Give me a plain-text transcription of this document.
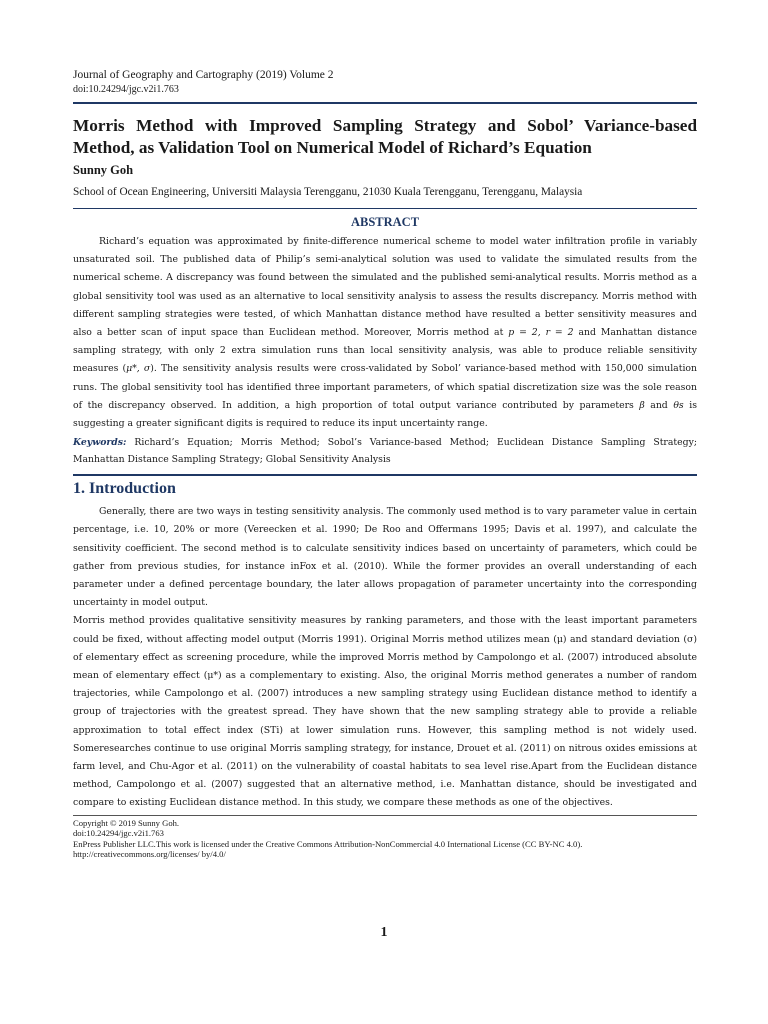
Journal of Geography and Cartography (2019) Volume 2
doi:10.24294/jgc.v2i1.763
Morris Method with Improved Sampling Strategy and Sobol’ Variance-based Method, as Validation Tool on Numerical Model of Richard’s Equation
Sunny Goh
School of Ocean Engineering, Universiti Malaysia Terengganu, 21030 Kuala Terengganu, Terengganu, Malaysia
ABSTRACT

Richard’s equation was approximated by finite-difference numerical scheme to model water infiltration profile in variably unsaturated soil. The published data of Philip’s semi-analytical solution was used to validate the simulated results from the numerical scheme. A discrepancy was found between the simulated and the published semi-analytical results. Morris method as a global sensitivity tool was used as an alternative to local sensitivity analysis to assess the results discrepancy. Morris method with different sampling strategies were tested, of which Manhattan distance method have resulted a better sensitivity measures and also a better scan of input space than Euclidean method. Moreover, Morris method at p = 2, r = 2 and Manhattan distance sampling strategy, with only 2 extra simulation runs than local sensitivity analysis, was able to produce reliable sensitivity measures (μ*, σ). The sensitivity analysis results were cross-validated by Sobol’ variance-based method with 150,000 simulation runs. The global sensitivity tool has identified three important parameters, of which spatial discretization size was the sole reason of the discrepancy observed. In addition, a high proportion of total output variance contributed by parameters β and θs is suggesting a greater significant digits is required to reduce its input uncertainty range.

Keywords: Richard’s Equation; Morris Method; Sobol’s Variance-based Method; Euclidean Distance Sampling Strategy; Manhattan Distance Sampling Strategy; Global Sensitivity Analysis
1. Introduction

Generally, there are two ways in testing sensitivity analysis. The commonly used method is to vary parameter value in certain percentage, i.e. 10, 20% or more (Vereecken et al. 1990; De Roo and Offermans 1995; Davis et al. 1997), and calculate the sensitivity coefficient. The second method is to calculate sensitivity indices based on uncertainty of parameters, which could be gather from previous studies, for instance inFox et al. (2010). While the former provides an overall understanding of each parameter under a defined percentage boundary, the later allows propagation of parameter uncertainty into the corresponding uncertainty in model output.

Morris method provides qualitative sensitivity measures by ranking parameters, and those with the least important parameters could be fixed, without affecting model output (Morris 1991). Original Morris method utilizes mean (μ) and standard deviation (σ) of elementary effect as screening procedure, while the improved Morris method by Campolongo et al. (2007) introduced absolute mean of elementary effect (μ*) as a complementary to existing. Also, the original Morris method generates a number of random trajectories, while Campolongo et al. (2007) introduces a new sampling strategy using Euclidean distance method to identify a group of trajectories with the greatest spread. They have shown that the new sampling strategy able to provide a reliable approximation to total effect index (STi) at lower simulation runs. However, this sampling method is not widely used. Someresearches continue to use original Morris sampling strategy, for instance, Drouet et al. (2011) on nitrous oxides emissions at farm level, and Chu-Agor et al. (2011) on the vulnerability of coastal habitats to sea level rise.Apart from the Euclidean distance method, Campolongo et al. (2007) suggested that an alternative method, i.e. Manhattan distance, should be investigated and compare to existing Euclidean distance method. In this study, we compare these methods as one of the objectives.

Copyright © 2019 Sunny Goh.
doi:10.24294/jgc.v2i1.763
EnPress Publisher LLC.This work is licensed under the Creative Commons Attribution-NonCommercial 4.0 International License (CC BY-NC 4.0).
http://creativecommons.org/licenses/ by/4.0/
1
